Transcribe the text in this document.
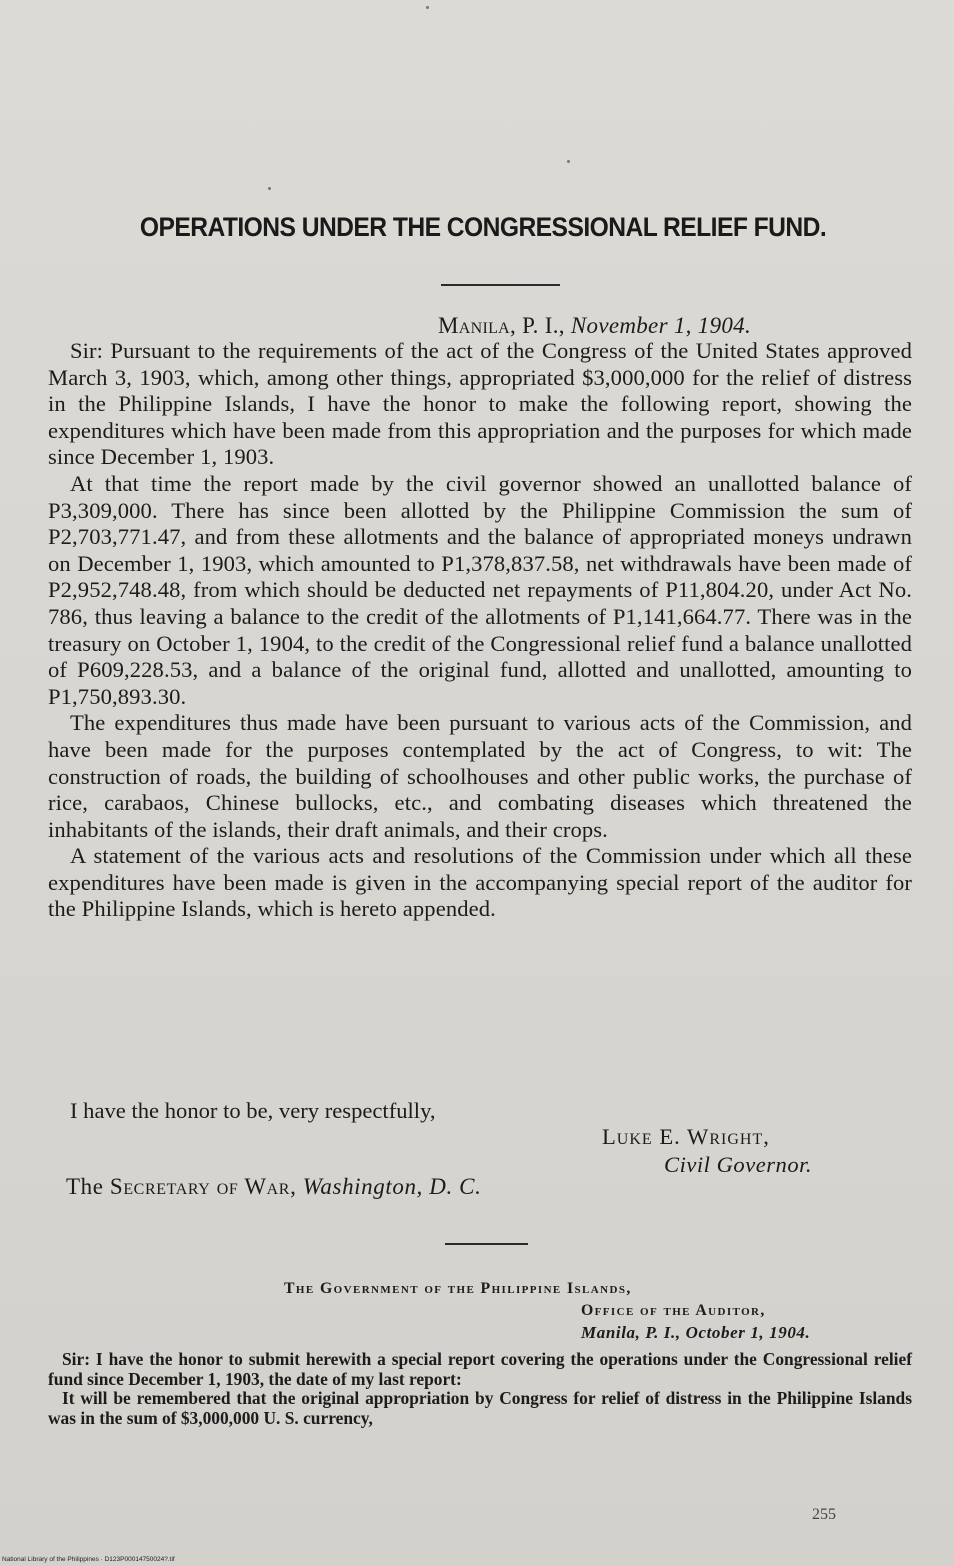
OPERATIONS UNDER THE CONGRESSIONAL RELIEF FUND.
Manila, P. I., November 1, 1904.

Sir: Pursuant to the requirements of the act of the Congress of the United States approved March 3, 1903, which, among other things, appropriated $3,000,000 for the relief of distress in the Philippine Islands, I have the honor to make the following report, showing the expenditures which have been made from this appropriation and the purposes for which made since December 1, 1903.

At that time the report made by the civil governor showed an unallotted balance of P3,309,000. There has since been allotted by the Philippine Commission the sum of P2,703,771.47, and from these allotments and the balance of appropriated moneys undrawn on December 1, 1903, which amounted to P1,378,837.58, net withdrawals have been made of P2,952,748.48, from which should be deducted net repayments of P11,804.20, under Act No. 786, thus leaving a balance to the credit of the allotments of P1,141,664.77. There was in the treasury on October 1, 1904, to the credit of the Congressional relief fund a balance unallotted of P609,228.53, and a balance of the original fund, allotted and unallotted, amounting to P1,750,893.30.

The expenditures thus made have been pursuant to various acts of the Commission, and have been made for the purposes contemplated by the act of Congress, to wit: The construction of roads, the building of schoolhouses and other public works, the purchase of rice, carabaos, Chinese bullocks, etc., and combating diseases which threatened the inhabitants of the islands, their draft animals, and their crops.

A statement of the various acts and resolutions of the Commission under which all these expenditures have been made is given in the accompanying special report of the auditor for the Philippine Islands, which is hereto appended.

I have the honor to be, very respectfully,
Luke E. Wright,
Civil Governor.
The Secretary of War, Washington, D. C.
The Government of the Philippine Islands,
Office of the Auditor,
Manila, P. I., October 1, 1904.

Sir: I have the honor to submit herewith a special report covering the operations under the Congressional relief fund since December 1, 1903, the date of my last report:

It will be remembered that the original appropriation by Congress for relief of distress in the Philippine Islands was in the sum of $3,000,000 U. S. currency,

255
National Library of the Philippines · D123P00014750024?.tif
